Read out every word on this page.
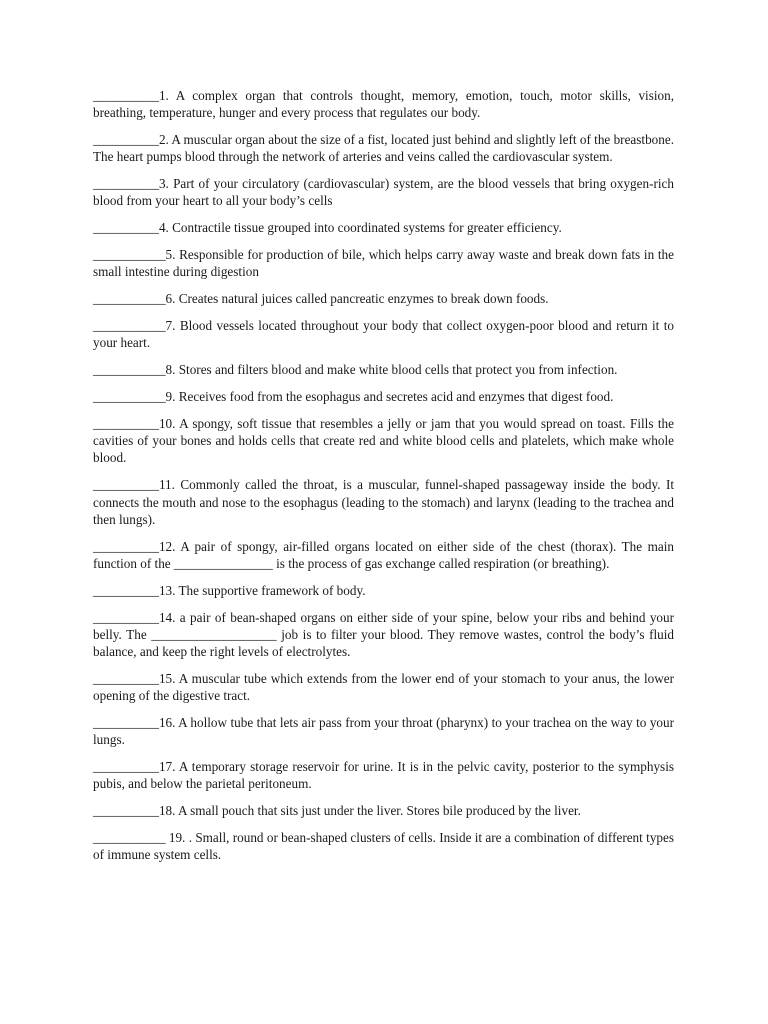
__________1. A complex organ that controls thought, memory, emotion, touch, motor skills, vision, breathing, temperature, hunger and every process that regulates our body.

__________2. A muscular organ about the size of a fist, located just behind and slightly left of the breastbone. The heart pumps blood through the network of arteries and veins called the cardiovascular system.

__________3. Part of your circulatory (cardiovascular) system, are the blood vessels that bring oxygen-rich blood from your heart to all your body’s cells

__________4. Contractile tissue grouped into coordinated systems for greater efficiency.

___________5. Responsible for production of bile, which helps carry away waste and break down fats in the small intestine during digestion

___________6. Creates natural juices called pancreatic enzymes to break down foods.

___________7. Blood vessels located throughout your body that collect oxygen-poor blood and return it to your heart.

___________8. Stores and filters blood and make white blood cells that protect you from infection.

___________9. Receives food from the esophagus and secretes acid and enzymes that digest food.

__________10. A spongy, soft tissue that resembles a jelly or jam that you would spread on toast. Fills the cavities of your bones and holds cells that create red and white blood cells and platelets, which make whole blood.

__________11. Commonly called the throat, is a muscular, funnel-shaped passageway inside the body. It connects the mouth and nose to the esophagus (leading to the stomach) and larynx (leading to the trachea and then lungs).

__________12. A pair of spongy, air-filled organs located on either side of the chest (thorax). The main function of the _______________ is the process of gas exchange called respiration (or breathing).

__________13. The supportive framework of body.

__________14. a pair of bean-shaped organs on either side of your spine, below your ribs and behind your belly. The ___________________ job is to filter your blood. They remove wastes, control the body’s fluid balance, and keep the right levels of electrolytes.

__________15. A muscular tube which extends from the lower end of your stomach to your anus, the lower opening of the digestive tract.

__________16. A hollow tube that lets air pass from your throat (pharynx) to your trachea on the way to your lungs.

__________17. A temporary storage reservoir for urine. It is in the pelvic cavity, posterior to the symphysis pubis, and below the parietal peritoneum.

__________18. A small pouch that sits just under the liver. Stores bile produced by the liver.

___________ 19. . Small, round or bean-shaped clusters of cells. Inside it are a combination of different types of immune system cells.
